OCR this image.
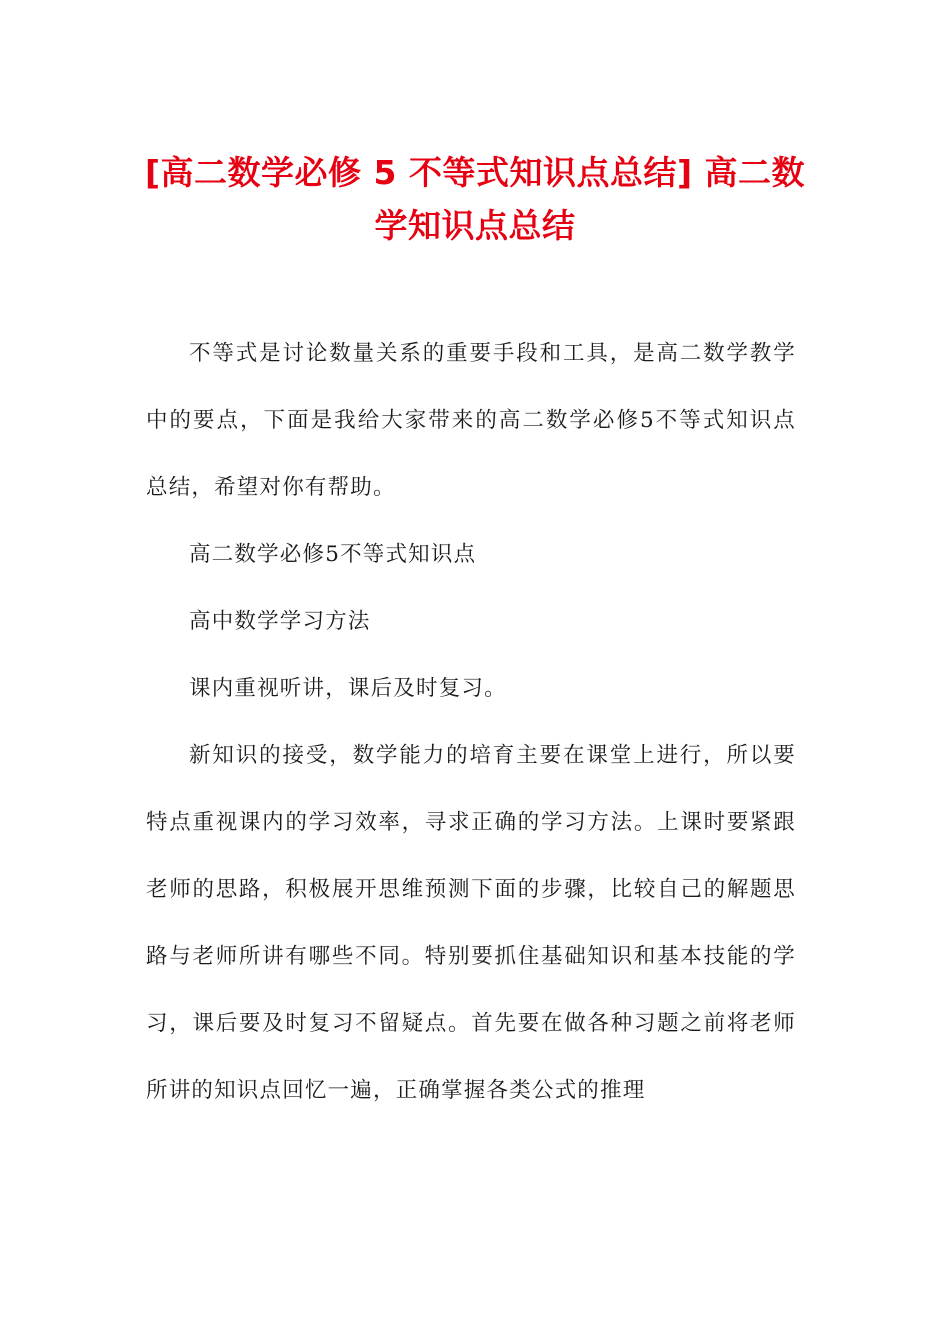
[高二数学必修 5 不等式知识点总结] 高二数学知识点总结

不等式是讨论数量关系的重要手段和工具，是高二数学教学中的要点，下面是我给大家带来的高二数学必修5不等式知识点总结，希望对你有帮助。

高二数学必修5不等式知识点

高中数学学习方法

课内重视听讲，课后及时复习。

新知识的接受，数学能力的培育主要在课堂上进行，所以要特点重视课内的学习效率，寻求正确的学习方法。上课时要紧跟老师的思路，积极展开思维预测下面的步骤，比较自己的解题思路与老师所讲有哪些不同。特别要抓住基础知识和基本技能的学习，课后要及时复习不留疑点。首先要在做各种习题之前将老师所讲的知识点回忆一遍，正确掌握各类公式的推理
